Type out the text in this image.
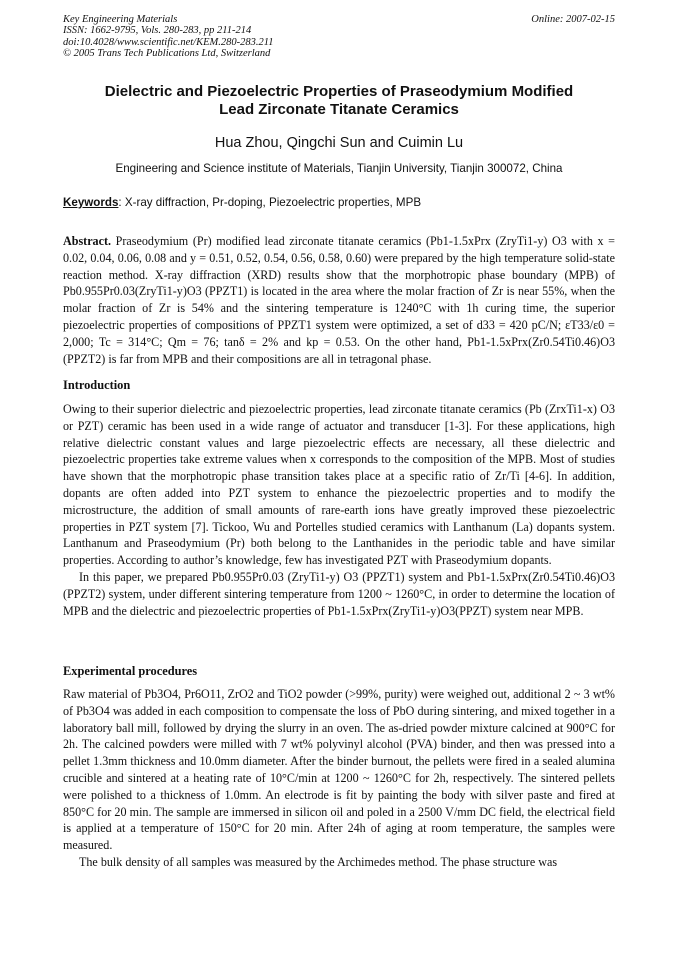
Key Engineering Materials
ISSN: 1662-9795, Vols. 280-283, pp 211-214
doi:10.4028/www.scientific.net/KEM.280-283.211
© 2005 Trans Tech Publications Ltd, Switzerland
Online: 2007-02-15
Dielectric and Piezoelectric Properties of Praseodymium Modified
Lead Zirconate Titanate Ceramics
Hua Zhou, Qingchi Sun and Cuimin Lu
Engineering and Science institute of Materials, Tianjin University, Tianjin 300072, China
Keywords: X-ray diffraction, Pr-doping, Piezoelectric properties, MPB
Abstract. Praseodymium (Pr) modified lead zirconate titanate ceramics (Pb1-1.5xPrx (ZryTi1-y) O3 with x = 0.02, 0.04, 0.06, 0.08 and y = 0.51, 0.52, 0.54, 0.56, 0.58, 0.60) were prepared by the high temperature solid-state reaction method. X-ray diffraction (XRD) results show that the morphotropic phase boundary (MPB) of Pb0.955Pr0.03(ZryTi1-y)O3 (PPZT1) is located in the area where the molar fraction of Zr is near 55%, when the molar fraction of Zr is 54% and the sintering temperature is 1240°C with 1h curing time, the superior piezoelectric properties of compositions of PPZT1 system were optimized, a set of d33 = 420 pC/N; εT33/ε0 = 2,000; Tc = 314°C; Qm = 76; tanδ = 2% and kp = 0.53. On the other hand, Pb1-1.5xPrx(Zr0.54Ti0.46)O3 (PPZT2) is far from MPB and their compositions are all in tetragonal phase.
Introduction

Owing to their superior dielectric and piezoelectric properties, lead zirconate titanate ceramics (Pb (ZrxTi1-x) O3 or PZT) ceramic has been used in a wide range of actuator and transducer [1-3]. For these applications, high relative dielectric constant values and large piezoelectric effects are necessary, all these dielectric and piezoelectric properties take extreme values when x corresponds to the composition of the MPB. Most of studies have shown that the morphotropic phase transition takes place at a specific ratio of Zr/Ti [4-6]. In addition, dopants are often added into PZT system to enhance the piezoelectric properties and to modify the microstructure, the addition of small amounts of rare-earth ions have greatly improved these piezoelectric properties in PZT system [7]. Tickoo, Wu and Portelles studied ceramics with Lanthanum (La) dopants system. Lanthanum and Praseodymium (Pr) both belong to the Lanthanides in the periodic table and have similar properties. According to author’s knowledge, few has investigated PZT with Praseodymium dopants.

In this paper, we prepared Pb0.955Pr0.03 (ZryTi1-y) O3 (PPZT1) system and Pb1-1.5xPrx(Zr0.54Ti0.46)O3 (PPZT2) system, under different sintering temperature from 1200 ~ 1260°C, in order to determine the location of MPB and the dielectric and piezoelectric properties of Pb1-1.5xPrx(ZryTi1-y)O3(PPZT) system near MPB.

Experimental procedures

Raw material of Pb3O4, Pr6O11, ZrO2 and TiO2 powder (>99%, purity) were weighed out, additional 2 ~ 3 wt% of Pb3O4 was added in each composition to compensate the loss of PbO during sintering, and mixed together in a laboratory ball mill, followed by drying the slurry in an oven. The as-dried powder mixture calcined at 900°C for 2h. The calcined powders were milled with 7 wt% polyvinyl alcohol (PVA) binder, and then was pressed into a pellet 1.3mm thickness and 10.0mm diameter. After the binder burnout, the pellets were fired in a sealed alumina crucible and sintered at a heating rate of 10°C/min at 1200 ~ 1260°C for 2h, respectively. The sintered pellets were polished to a thickness of 1.0mm. An electrode is fit by painting the body with silver paste and fired at 850°C for 20 min. The sample are immersed in silicon oil and poled in a 2500 V/mm DC field, the electrical field is applied at a temperature of 150°C for 20 min. After 24h of aging at room temperature, the samples were measured.

The bulk density of all samples was measured by the Archimedes method. The phase structure was
